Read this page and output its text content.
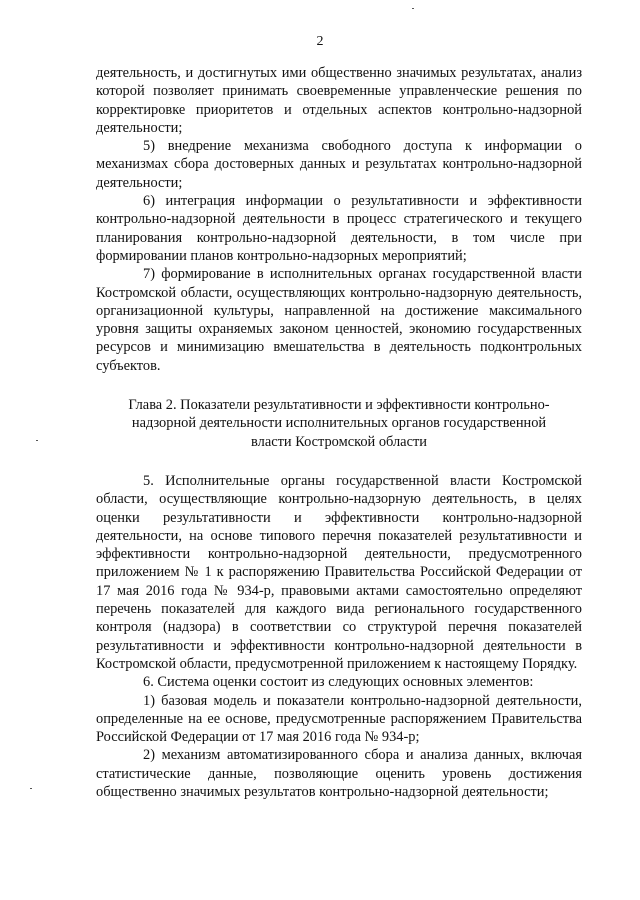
2

деятельность, и достигнутых ими общественно значимых результатах, анализ которой позволяет принимать своевременные управленческие решения по корректировке приоритетов и отдельных аспектов контрольно-надзорной деятельности;

5) внедрение механизма свободного доступа к информации о механизмах сбора достоверных данных и результатах контрольно-надзорной деятельности;

6) интеграция информации о результативности и эффективности контрольно-надзорной деятельности в процесс стратегического и текущего планирования контрольно-надзорной деятельности, в том числе при формировании планов контрольно-надзорных мероприятий;

7) формирование в исполнительных органах государственной власти Костромской области, осуществляющих контрольно-надзорную деятельность, организационной культуры, направленной на достижение максимального уровня защиты охраняемых законом ценностей, экономию государственных ресурсов и минимизацию вмешательства в деятельность подконтрольных субъектов.

Глава 2. Показатели результативности и эффективности контрольно-надзорной деятельности исполнительных органов государственной власти Костромской области

5. Исполнительные органы государственной власти Костромской области, осуществляющие контрольно-надзорную деятельность, в целях оценки результативности и эффективности контрольно-надзорной деятельности, на основе типового перечня показателей результативности и эффективности контрольно-надзорной деятельности, предусмотренного приложением № 1 к распоряжению Правительства Российской Федерации от 17 мая 2016 года № 934-р, правовыми актами самостоятельно определяют перечень показателей для каждого вида регионального государственного контроля (надзора) в соответствии со структурой перечня показателей результативности и эффективности контрольно-надзорной деятельности в Костромской области, предусмотренной приложением к настоящему Порядку.

6. Система оценки состоит из следующих основных элементов:

1) базовая модель и показатели контрольно-надзорной деятельности, определенные на ее основе, предусмотренные распоряжением Правительства Российской Федерации от 17 мая 2016 года № 934-р;

2) механизм автоматизированного сбора и анализа данных, включая статистические данные, позволяющие оценить уровень достижения общественно значимых результатов контрольно-надзорной деятельности;
